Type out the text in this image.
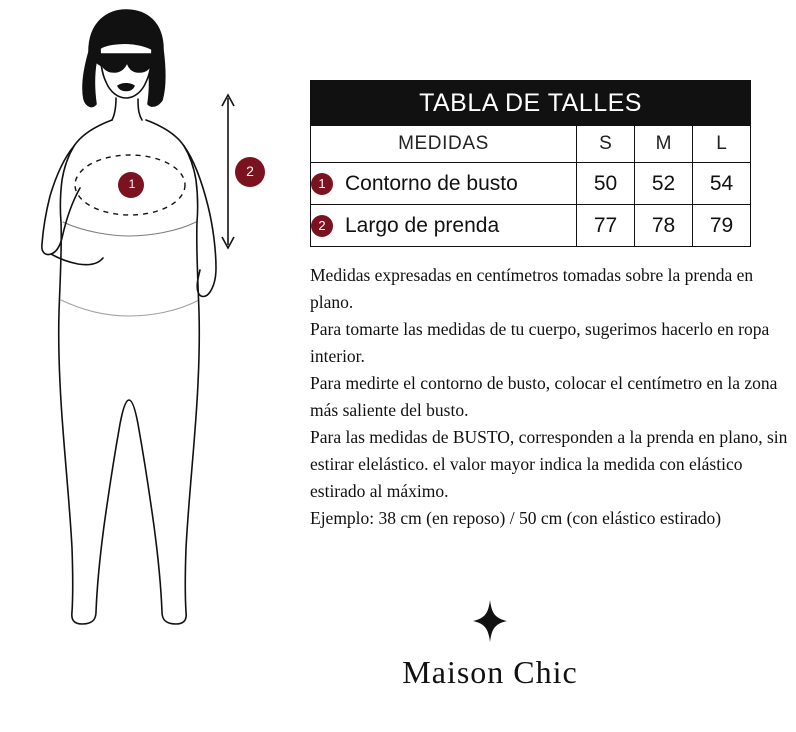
1
2
TABLA DE TALLES			
MEDIDAS	S	M	L

1 Contorno de busto	50	52	54

2 Largo de prenda	77	78	79

Medidas expresadas en centímetros tomadas sobre la prenda en plano.

Para tomarte las medidas de tu cuerpo, sugerimos hacerlo en ropa interior.

Para medirte el contorno de busto, colocar el centímetro en la zona más saliente del busto.

Para las medidas de BUSTO, corresponden a la prenda en plano, sin estirar elelástico. el valor mayor indica la medida con elástico estirado al máximo.

Ejemplo: 38 cm (en reposo) / 50 cm (con elástico estirado)

Maison Chic
